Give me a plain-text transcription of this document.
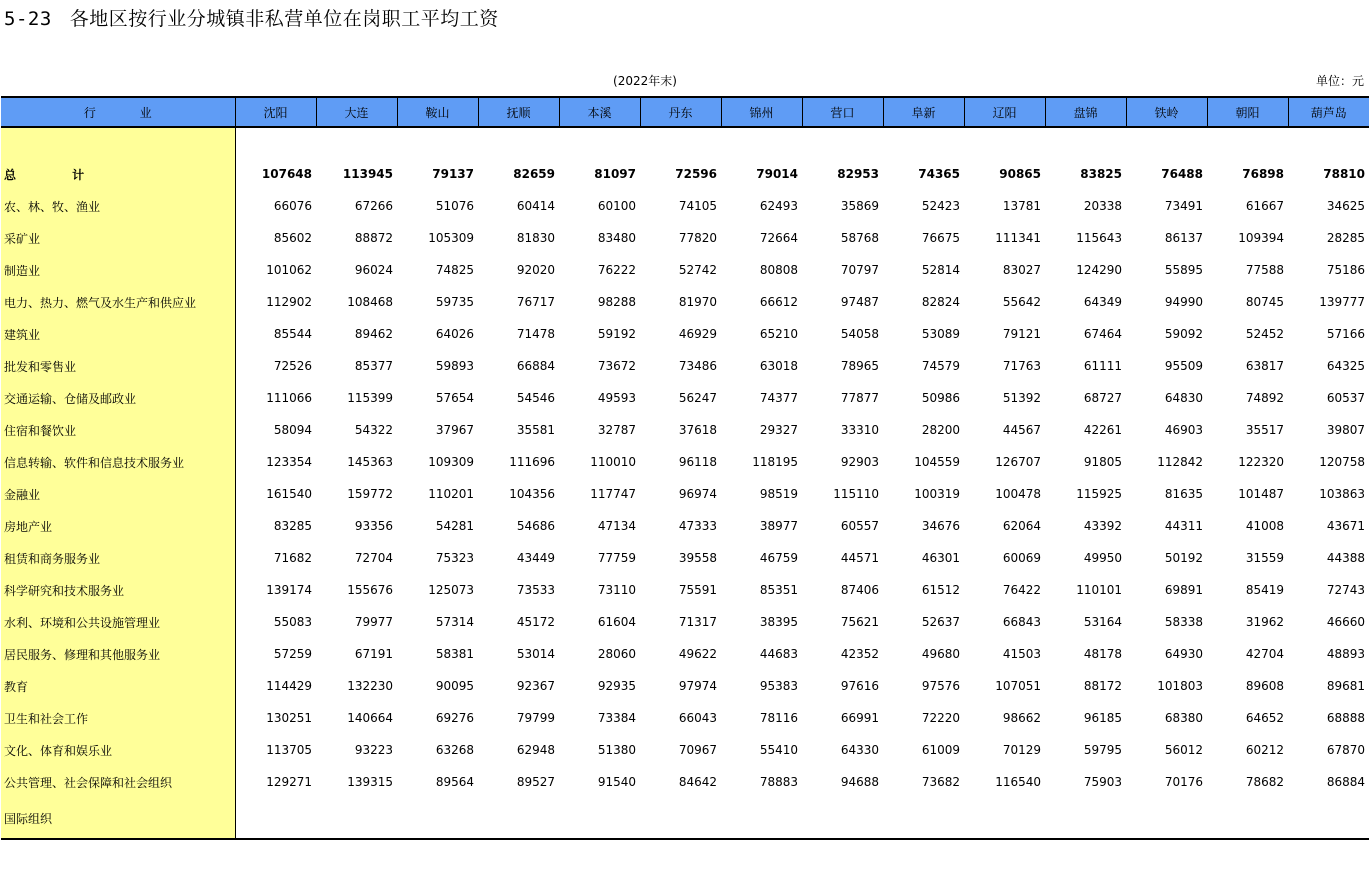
5-23 各地区按行业分城镇非私营单位在岗职工平均工资
(2022年末)	单位：元
行 业	沈阳	大连	鞍山	抚顺	本溪	丹东	锦州	营口	阜新	辽阳	盘锦	铁岭	朝阳	葫芦岛

总 计	107648	113945	79137	82659	81097	72596	79014	82953	74365	90865	83825	76488	76898	78810
农、林、牧、渔业	66076	67266	51076	60414	60100	74105	62493	35869	52423	13781	20338	73491	61667	34625
采矿业	85602	88872	105309	81830	83480	77820	72664	58768	76675	111341	115643	86137	109394	28285
制造业	101062	96024	74825	92020	76222	52742	80808	70797	52814	83027	124290	55895	77588	75186
电力、热力、燃气及水生产和供应业	112902	108468	59735	76717	98288	81970	66612	97487	82824	55642	64349	94990	80745	139777
建筑业	85544	89462	64026	71478	59192	46929	65210	54058	53089	79121	67464	59092	52452	57166
批发和零售业	72526	85377	59893	66884	73672	73486	63018	78965	74579	71763	61111	95509	63817	64325
交通运输、仓储及邮政业	111066	115399	57654	54546	49593	56247	74377	77877	50986	51392	68727	64830	74892	60537
住宿和餐饮业	58094	54322	37967	35581	32787	37618	29327	33310	28200	44567	42261	46903	35517	39807
信息转输、软件和信息技术服务业	123354	145363	109309	111696	110010	96118	118195	92903	104559	126707	91805	112842	122320	120758
金融业	161540	159772	110201	104356	117747	96974	98519	115110	100319	100478	115925	81635	101487	103863
房地产业	83285	93356	54281	54686	47134	47333	38977	60557	34676	62064	43392	44311	41008	43671
租赁和商务服务业	71682	72704	75323	43449	77759	39558	46759	44571	46301	60069	49950	50192	31559	44388
科学研究和技术服务业	139174	155676	125073	73533	73110	75591	85351	87406	61512	76422	110101	69891	85419	72743
水利、环境和公共设施管理业	55083	79977	57314	45172	61604	71317	38395	75621	52637	66843	53164	58338	31962	46660
居民服务、修理和其他服务业	57259	67191	58381	53014	28060	49622	44683	42352	49680	41503	48178	64930	42704	48893
教育	114429	132230	90095	92367	92935	97974	95383	97616	97576	107051	88172	101803	89608	89681
卫生和社会工作	130251	140664	69276	79799	73384	66043	78116	66991	72220	98662	96185	68380	64652	68888
文化、体育和娱乐业	113705	93223	63268	62948	51380	70967	55410	64330	61009	70129	59795	56012	60212	67870
公共管理、社会保障和社会组织	129271	139315	89564	89527	91540	84642	78883	94688	73682	116540	75903	70176	78682	86884
国际组织														
